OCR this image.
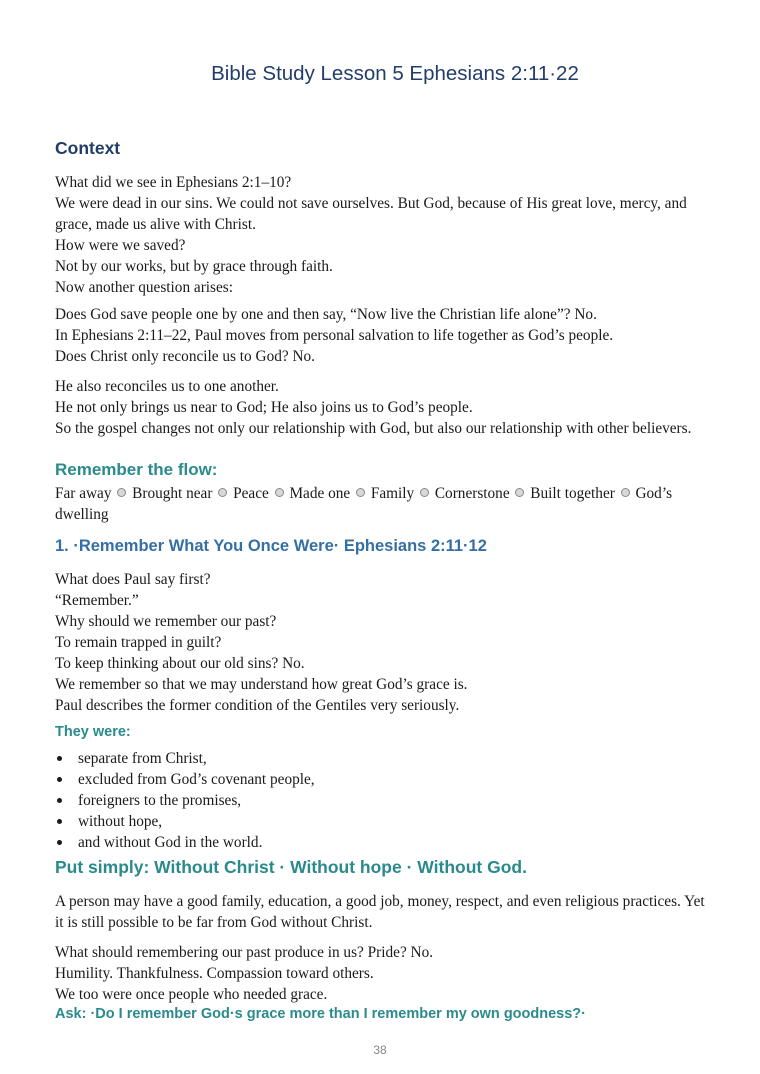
Bible Study Lesson 5 Ephesians 2:11·22
Context
What did we see in Ephesians 2:1–10?
We were dead in our sins. We could not save ourselves. But God, because of His great love, mercy, and grace, made us alive with Christ.
How were we saved?
Not by our works, but by grace through faith.
Now another question arises:
Does God save people one by one and then say, “Now live the Christian life alone”? No.
In Ephesians 2:11–22, Paul moves from personal salvation to life together as God’s people.
Does Christ only reconcile us to God? No.
He also reconciles us to one another.
He not only brings us near to God; He also joins us to God’s people.
So the gospel changes not only our relationship with God, but also our relationship with other believers.
Remember the flow:
Far away Brought near Peace Made one Family Cornerstone Built together God’s dwelling
1. ·Remember What You Once Were· Ephesians 2:11·12
What does Paul say first?
“Remember.”
Why should we remember our past?
To remain trapped in guilt?
To keep thinking about our old sins? No.
We remember so that we may understand how great God’s grace is.
Paul describes the former condition of the Gentiles very seriously.
They were:
separate from Christ,
excluded from God’s covenant people,
foreigners to the promises,
without hope,
and without God in the world.
Put simply: Without Christ · Without hope · Without God.
A person may have a good family, education, a good job, money, respect, and even religious practices. Yet it is still possible to be far from God without Christ.
What should remembering our past produce in us? Pride? No.
Humility. Thankfulness. Compassion toward others.
We too were once people who needed grace.
Ask: ·Do I remember God·s grace more than I remember my own goodness?·
38
